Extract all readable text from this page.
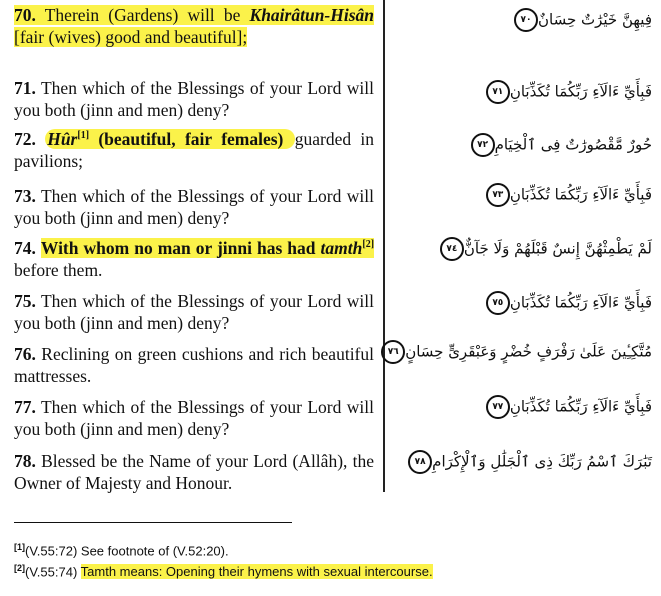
70. Therein (Gardens) will be Khairâtun-Hisân [fair (wives) good and beautiful];
71. Then which of the Blessings of your Lord will you both (jinn and men) deny?
72. Hûr[1] (beautiful, fair females) guarded in pavilions;
73. Then which of the Blessings of your Lord will you both (jinn and men) deny?
74. With whom no man or jinni has had tamth[2] before them.
75. Then which of the Blessings of your Lord will you both (jinn and men) deny?
76. Reclining on green cushions and rich beautiful mattresses.
77. Then which of the Blessings of your Lord will you both (jinn and men) deny?
78. Blessed be the Name of your Lord (Allâh), the Owner of Majesty and Honour.
فِيهِنَّ خَيْرَٰتٌ حِسَانٌ٧٠
فَبِأَيِّ ءَالَآءِ رَبِّكُمَا تُكَذِّبَانِ٧١
حُورٌ مَّقْصُورَٰتٌ فِى ٱلْخِيَامِ٧٢
فَبِأَيِّ ءَالَآءِ رَبِّكُمَا تُكَذِّبَانِ٧٣
لَمْ يَطْمِثْهُنَّ إِنسٌ قَبْلَهُمْ وَلَا جَآنٌّ٧٤
فَبِأَيِّ ءَالَآءِ رَبِّكُمَا تُكَذِّبَانِ٧٥
مُتَّكِـِٔينَ عَلَىٰ رَفْرَفٍ خُضْرٍ وَعَبْقَرِىٍّ حِسَانٍ٧٦
فَبِأَيِّ ءَالَآءِ رَبِّكُمَا تُكَذِّبَانِ٧٧
تَبَٰرَكَ ٱسْمُ رَبِّكَ ذِى ٱلْجَلَٰلِ وَٱلْإِكْرَامِ٧٨
[1](V.55:72) See footnote of (V.52:20).
[2](V.55:74) Tamth means: Opening their hymens with sexual intercourse.
